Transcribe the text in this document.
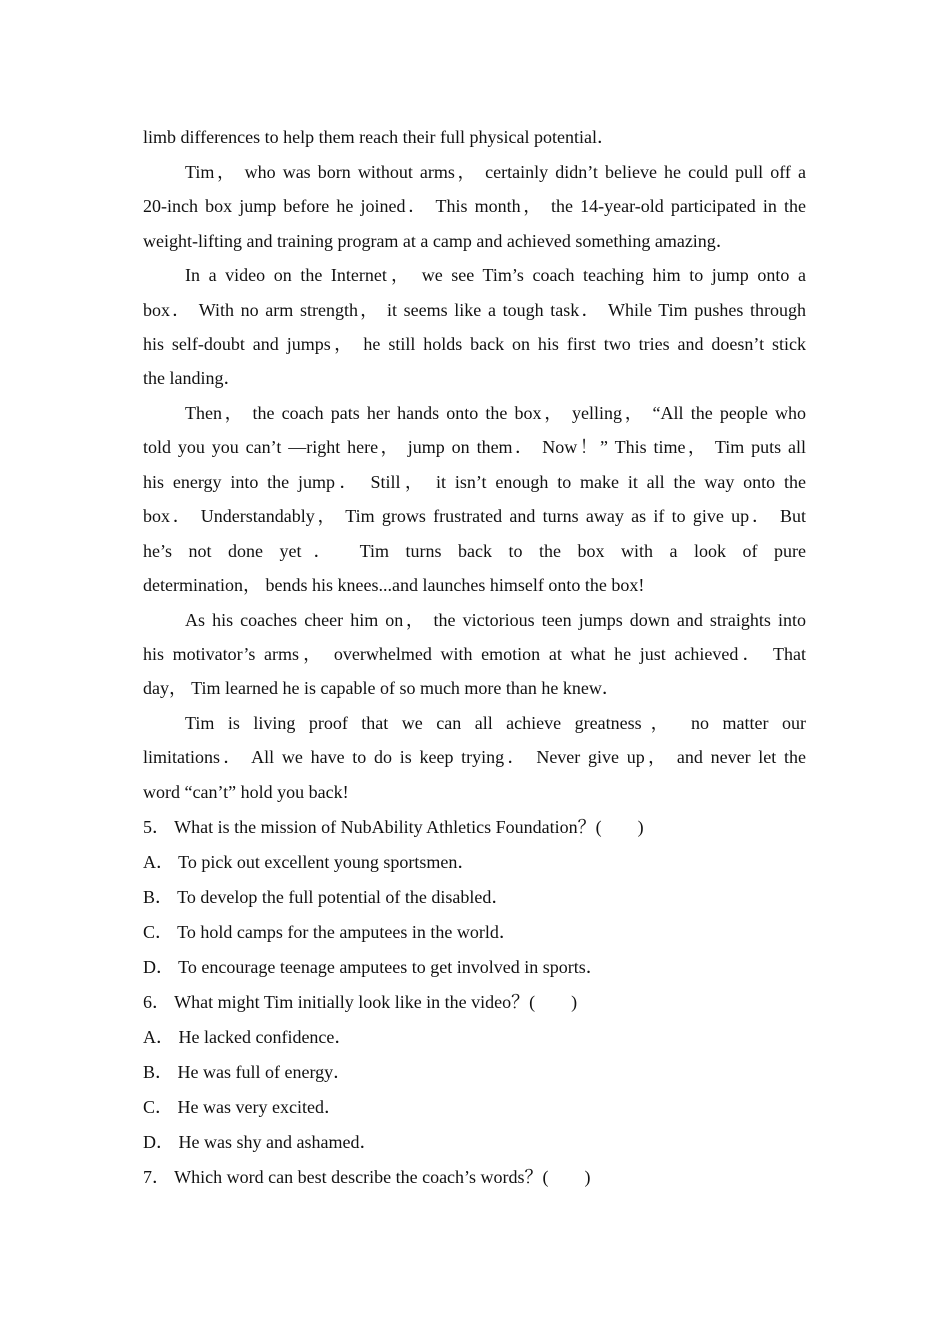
limb differences to help them reach their full physical potential．
Tim， who was born without arms， certainly didn’t believe he could pull off a
20-inch box jump before he joined． This month， the 14-year-old participated in the
weight-lifting and training program at a camp and achieved something amazing．
In a video on the Internet， we see Tim’s coach teaching him to jump onto a
box． With no arm strength， it seems like a tough task． While Tim pushes through
his self-doubt and jumps， he still holds back on his first two tries and doesn’t stick
the landing．
Then， the coach pats her hands onto the box， yelling， “All the people who
told you you can’t —right here， jump on them． Now！” This time， Tim puts all
his energy into the jump． Still， it isn’t enough to make it all the way onto the
box． Understandably， Tim grows frustrated and turns away as if to give up． But
he’s not done yet． Tim turns back to the box with a look of pure
determination， bends his knees...and launches himself onto the box!
As his coaches cheer him on， the victorious teen jumps down and straights into
his motivator’s arms， overwhelmed with emotion at what he just achieved． That
day， Tim learned he is capable of so much more than he knew．
Tim is living proof that we can all achieve greatness， no matter our
limitations． All we have to do is keep trying． Never give up， and never let the
word “can’t” hold you back!
5． What is the mission of NubAbility Athletics Foundation？(　　)
A． To pick out excellent young sportsmen．
B． To develop the full potential of the disabled．
C． To hold camps for the amputees in the world．
D． To encourage teenage amputees to get involved in sports．
6． What might Tim initially look like in the video？(　　)
A． He lacked confidence．
B． He was full of energy．
C． He was very excited．
D． He was shy and ashamed．
7． Which word can best describe the coach’s words？(　　)
